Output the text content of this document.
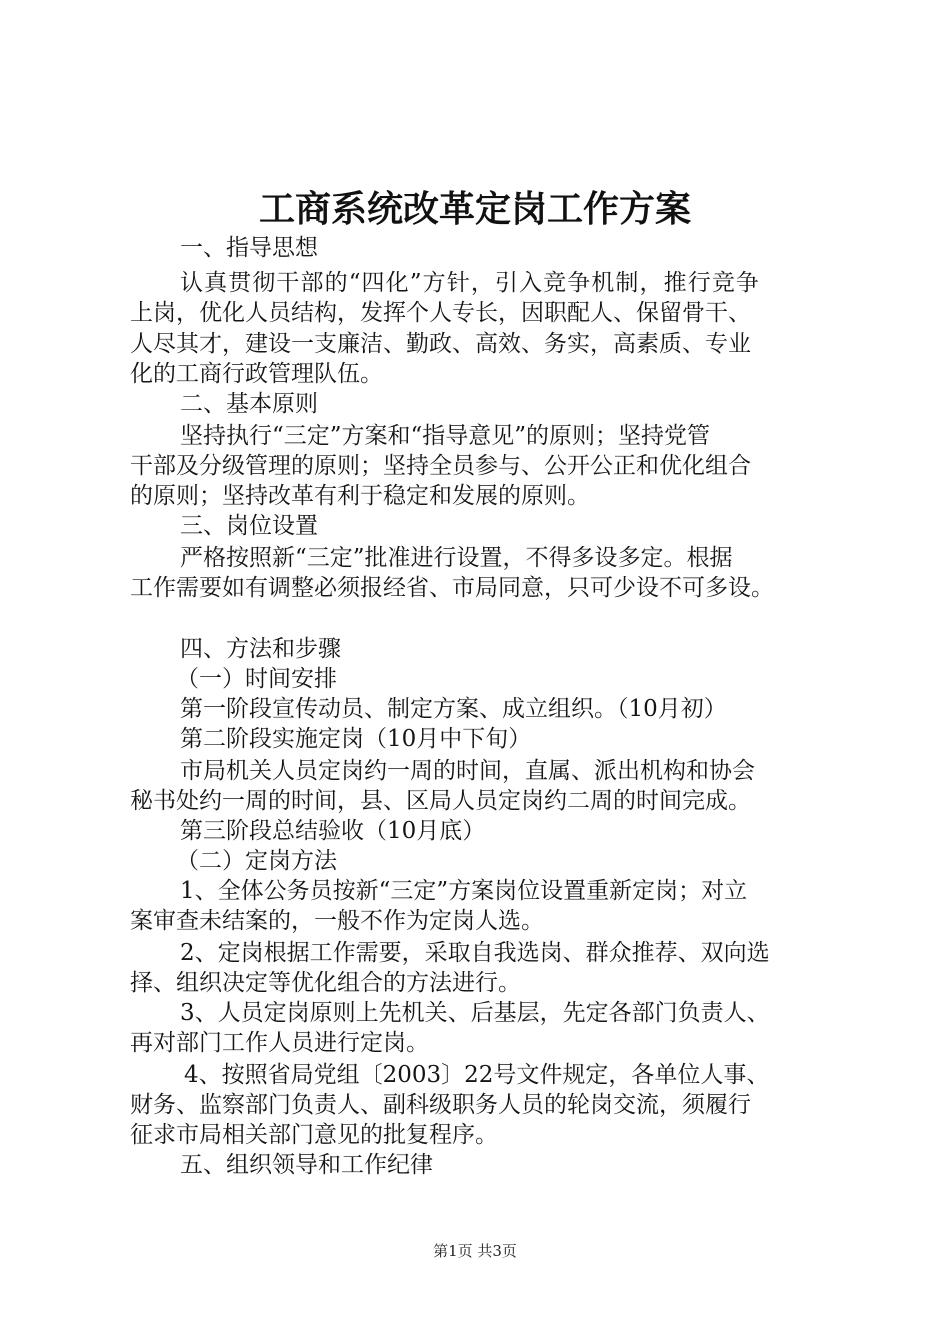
工商系统改革定岗工作方案
一、指导思想
认真贯彻干部的“四化”方针，引入竞争机制，推行竞争
上岗，优化人员结构，发挥个人专长，因职配人、保留骨干、
人尽其才，建设一支廉洁、勤政、高效、务实，高素质、专业
化的工商行政管理队伍。
二、基本原则
坚持执行“三定”方案和“指导意见”的原则；坚持党管
干部及分级管理的原则；坚持全员参与、公开公正和优化组合
的原则；坚持改革有利于稳定和发展的原则。
三、岗位设置
严格按照新“三定”批准进行设置，不得多设多定。根据
工作需要如有调整必须报经省、市局同意，只可少设不可多设。
四、方法和步骤
（一）时间安排
第一阶段宣传动员、制定方案、成立组织。（10月初）
第二阶段实施定岗（10月中下旬）
市局机关人员定岗约一周的时间，直属、派出机构和协会
秘书处约一周的时间，县、区局人员定岗约二周的时间完成。
第三阶段总结验收（10月底）
（二）定岗方法
1、全体公务员按新“三定”方案岗位设置重新定岗；对立
案审查未结案的，一般不作为定岗人选。
2、定岗根据工作需要，采取自我选岗、群众推荐、双向选
择、组织决定等优化组合的方法进行。
3、人员定岗原则上先机关、后基层，先定各部门负责人、
再对部门工作人员进行定岗。
4、按照省局党组〔2003〕22号文件规定，各单位人事、
财务、监察部门负责人、副科级职务人员的轮岗交流，须履行
征求市局相关部门意见的批复程序。
五、组织领导和工作纪律
第1页 共3页
